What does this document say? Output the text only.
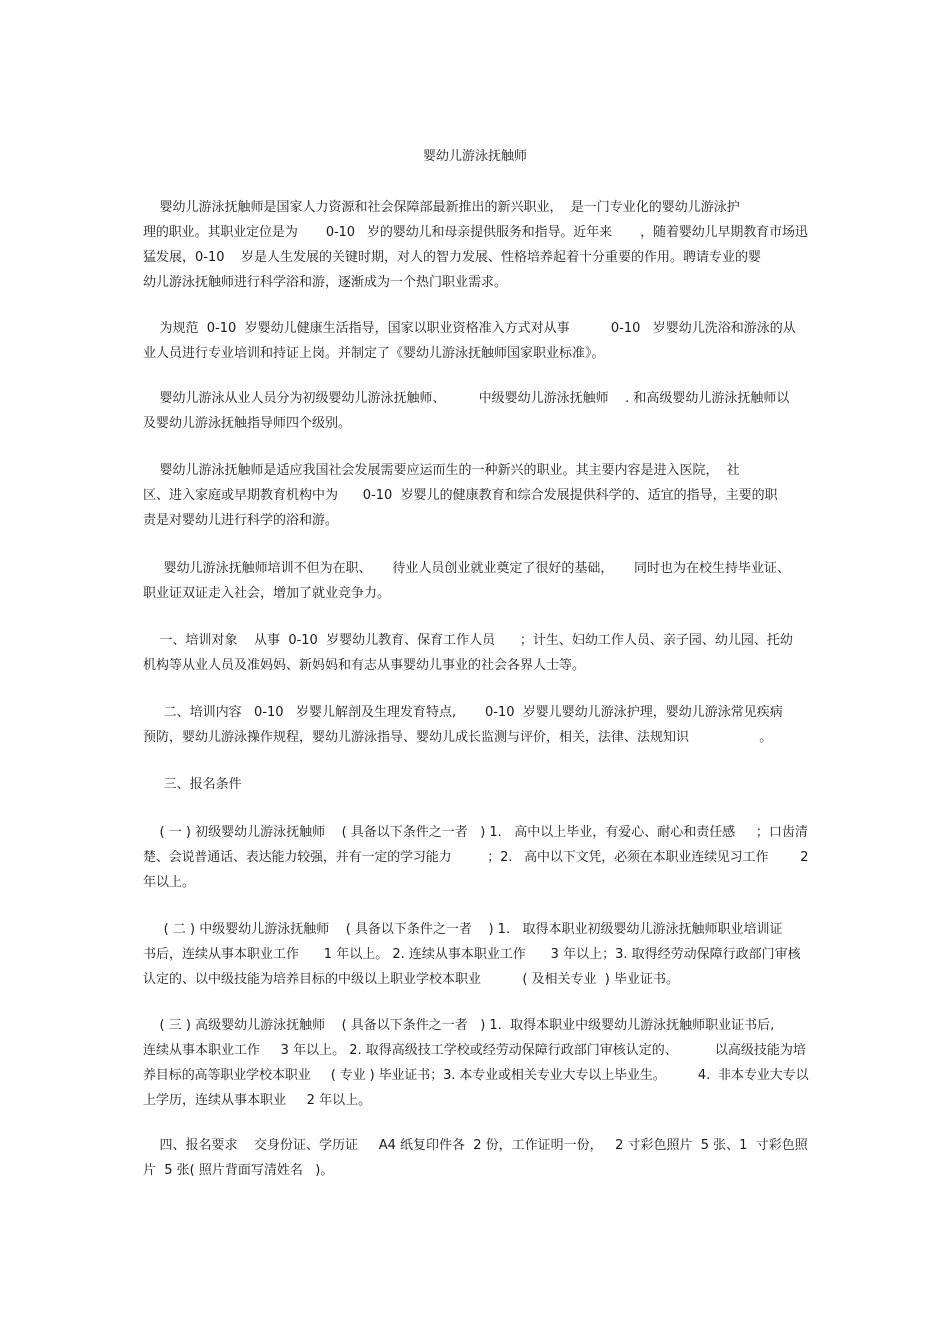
婴幼儿游泳抚触师
婴幼儿游泳抚触师是国家人力资源和社会保障部最新推出的新兴职业，  是一门专业化的婴幼儿游泳护
理的职业。其职业定位是为       0-10   岁的婴幼儿和母亲提供服务和指导。近年来       ，随着婴幼儿早期教育市场迅
猛发展，0-10    岁是人生发展的关键时期，对人的智力发展、性格培养起着十分重要的作用。聘请专业的婴
幼儿游泳抚触师进行科学浴和游，逐渐成为一个热门职业需求。
为规范  0-10  岁婴幼儿健康生活指导，国家以职业资格准入方式对从事          0-10   岁婴幼儿洗浴和游泳的从
业人员进行专业培训和持证上岗。并制定了《婴幼儿游泳抚触师国家职业标准》。
婴幼儿游泳从业人员分为初级婴幼儿游泳抚触师、        中级婴幼儿游泳抚触师    . 和高级婴幼儿游泳抚触师以
及婴幼儿游泳抚触指导师四个级别。
婴幼儿游泳抚触师是适应我国社会发展需要应运而生的一种新兴的职业。其主要内容是进入医院，  社
区、进入家庭或早期教育机构中为      0-10  岁婴儿的健康教育和综合发展提供科学的、适宜的指导，主要的职
责是对婴幼儿进行科学的浴和游。
婴幼儿游泳抚触师培训不但为在职、     待业人员创业就业奠定了很好的基础，     同时也为在校生持毕业证、
职业证双证走入社会，增加了就业竞争力。
一、培训对象    从事  0-10  岁婴幼儿教育、保育工作人员      ；计生、妇幼工作人员、亲子园、幼儿园、托幼
机构等从业人员及准妈妈、新妈妈和有志从事婴幼儿事业的社会各界人士等。
二、培训内容   0-10   岁婴儿解剖及生理发育特点,       0-10  岁婴儿婴幼儿游泳护理，婴幼儿游泳常见疾病
预防，婴幼儿游泳操作规程，婴幼儿游泳指导、婴幼儿成长监测与评价，相关，法律、法规知识                 。
三、报名条件
( 一 ) 初级婴幼儿游泳抚触师    ( 具备以下条件之一者   ) 1.   高中以上毕业，有爱心、耐心和责任感     ；口齿清
楚、会说普通话、表达能力较强，并有一定的学习能力         ；2.   高中以下文凭，必须在本职业连续见习工作        2
年以上。
( 二 ) 中级婴幼儿游泳抚触师    ( 具备以下条件之一者    ) 1.   取得本职业初级婴幼儿游泳抚触师职业培训证
书后，连续从事本职业工作      1 年以上。 2. 连续从事本职业工作      3 年以上；3. 取得经劳动保障行政部门审核
认定的、以中级技能为培养目标的中级以上职业学校本职业          ( 及相关专业  ) 毕业证书。
( 三 ) 高级婴幼儿游泳抚触师    ( 具备以下条件之一者   ) 1.  取得本职业中级婴幼儿游泳抚触师职业证书后,
连续从事本职业工作     3 年以上。 2. 取得高级技工学校或经劳动保障行政部门审核认定的、         以高级技能为培
养目标的高等职业学校本职业     ( 专业 ) 毕业证书；3. 本专业或相关专业大专以上毕业生。        4.  非本专业大专以
上学历，连续从事本职业     2 年以上。
四、报名要求    交身份证、学历证     A4 纸复印件各  2 份，工作证明一份，   2 寸彩色照片  5 张、1  寸彩色照
片  5 张( 照片背面写清姓名   )。
